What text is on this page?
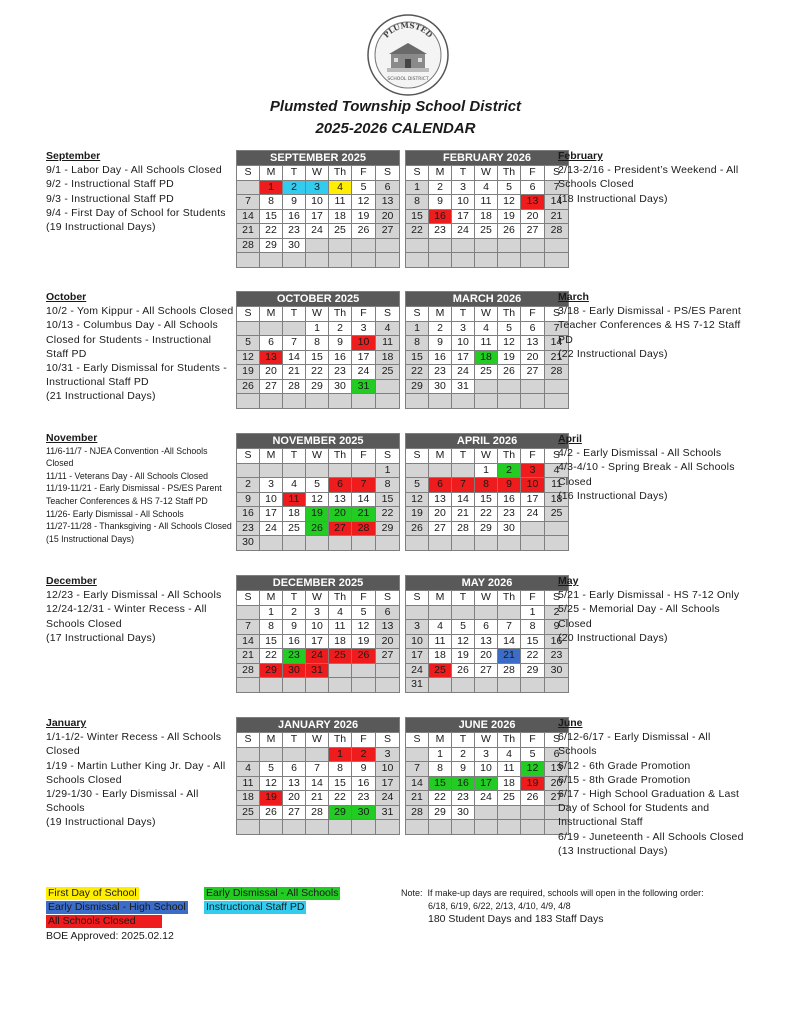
PLUMSTED
SCHOOL DISTRICT
Plumsted Township School District
2025-2026 CALENDAR
SEPTEMBER 2025						
S	M	T	W	Th	F	S
	1	2	3	4	5	6
7	8	9	10	11	12	13
14	15	16	17	18	19	20
21	22	23	24	25	26	27
28	29	30				

FEBRUARY 2026						
S	M	T	W	Th	F	S
1	2	3	4	5	6	7
8	9	10	11	12	13	14
15	16	17	18	19	20	21
22	23	24	25	26	27	28

OCTOBER 2025						
S	M	T	W	Th	F	S
			1	2	3	4
5	6	7	8	9	10	11
12	13	14	15	16	17	18
19	20	21	22	23	24	25
26	27	28	29	30	31	

MARCH 2026						
S	M	T	W	Th	F	S
1	2	3	4	5	6	7
8	9	10	11	12	13	14
15	16	17	18	19	20	21
22	23	24	25	26	27	28
29	30	31				

NOVEMBER 2025						
S	M	T	W	Th	F	S
						1
2	3	4	5	6	7	8
9	10	11	12	13	14	15
16	17	18	19	20	21	22
23	24	25	26	27	28	29
30						
APRIL 2026						
S	M	T	W	Th	F	S
			1	2	3	4
5	6	7	8	9	10	11
12	13	14	15	16	17	18
19	20	21	22	23	24	25
26	27	28	29	30		

DECEMBER 2025						
S	M	T	W	Th	F	S
	1	2	3	4	5	6
7	8	9	10	11	12	13
14	15	16	17	18	19	20
21	22	23	24	25	26	27
28	29	30	31			

MAY 2026						
S	M	T	W	Th	F	S
					1	2
3	4	5	6	7	8	9
10	11	12	13	14	15	16
17	18	19	20	21	22	23
24	25	26	27	28	29	30
31						
JANUARY 2026						
S	M	T	W	Th	F	S
				1	2	3
4	5	6	7	8	9	10
11	12	13	14	15	16	17
18	19	20	21	22	23	24
25	26	27	28	29	30	31

JUNE 2026						
S	M	T	W	Th	F	S
	1	2	3	4	5	6
7	8	9	10	11	12	13
14	15	16	17	18	19	20
21	22	23	24	25	26	27
28	29	30				

September
9/1 - Labor Day - All Schools Closed
9/2 - Instructional Staff PD
9/3 - Instructional Staff PD
9/4 - First Day of School for Students
(19 Instructional Days)
February
2/13-2/16 - President’s Weekend - All Schools Closed
(18 Instructional Days)
October
10/2 - Yom Kippur - All Schools Closed
10/13 - Columbus Day - All Schools Closed for Students - Instructional Staff PD
10/31 - Early Dismissal for Students - Instructional Staff PD
(21 Instructional Days)
March
3/18 - Early Dismissal - PS/ES Parent Teacher Conferences & HS 7-12 Staff PD
(22 Instructional Days)
November
11/6-11/7 - NJEA Convention -All Schools Closed
11/11 - Veterans Day - All Schools Closed
11/19-11/21 - Early Dismissal - PS/ES Parent Teacher Conferences & HS 7-12 Staff PD
11/26- Early Dismissal - All Schools
11/27-11/28 - Thanksgiving - All Schools Closed
(15 Instructional Days)
April
4/2 - Early Dismissal - All Schools
4/3-4/10 - Spring Break - All Schools Closed
(16 Instructional Days)
December
12/23 - Early Dismissal - All Schools
12/24-12/31 - Winter Recess - All Schools Closed
(17 Instructional Days)
May
5/21 - Early Dismissal - HS 7-12 Only
5/25 - Memorial Day - All Schools Closed
(20 Instructional Days)
January
1/1-1/2- Winter Recess - All Schools Closed
1/19 - Martin Luther King Jr. Day - All Schools Closed
1/29-1/30 - Early Dismissal - All Schools
(19 Instructional Days)
June
6/12-6/17 - Early Dismissal - All Schools
6/12 - 6th Grade Promotion
6/15 - 8th Grade Promotion
6/17 - High School Graduation & Last Day of School for Students and Instructional Staff
6/19 - Juneteenth - All Schools Closed
(13 Instructional Days)
First Day of School	Early Dismissal - All Schools
Early Dismissal - High School Instructional Staff PD
All Schools Closed
BOE Approved: 2025.02.12
Note:  If make-up days are required, schools will open in the following order:
6/18, 6/19, 6/22, 2/13, 4/10, 4/9, 4/8
180 Student Days and 183 Staff Days
